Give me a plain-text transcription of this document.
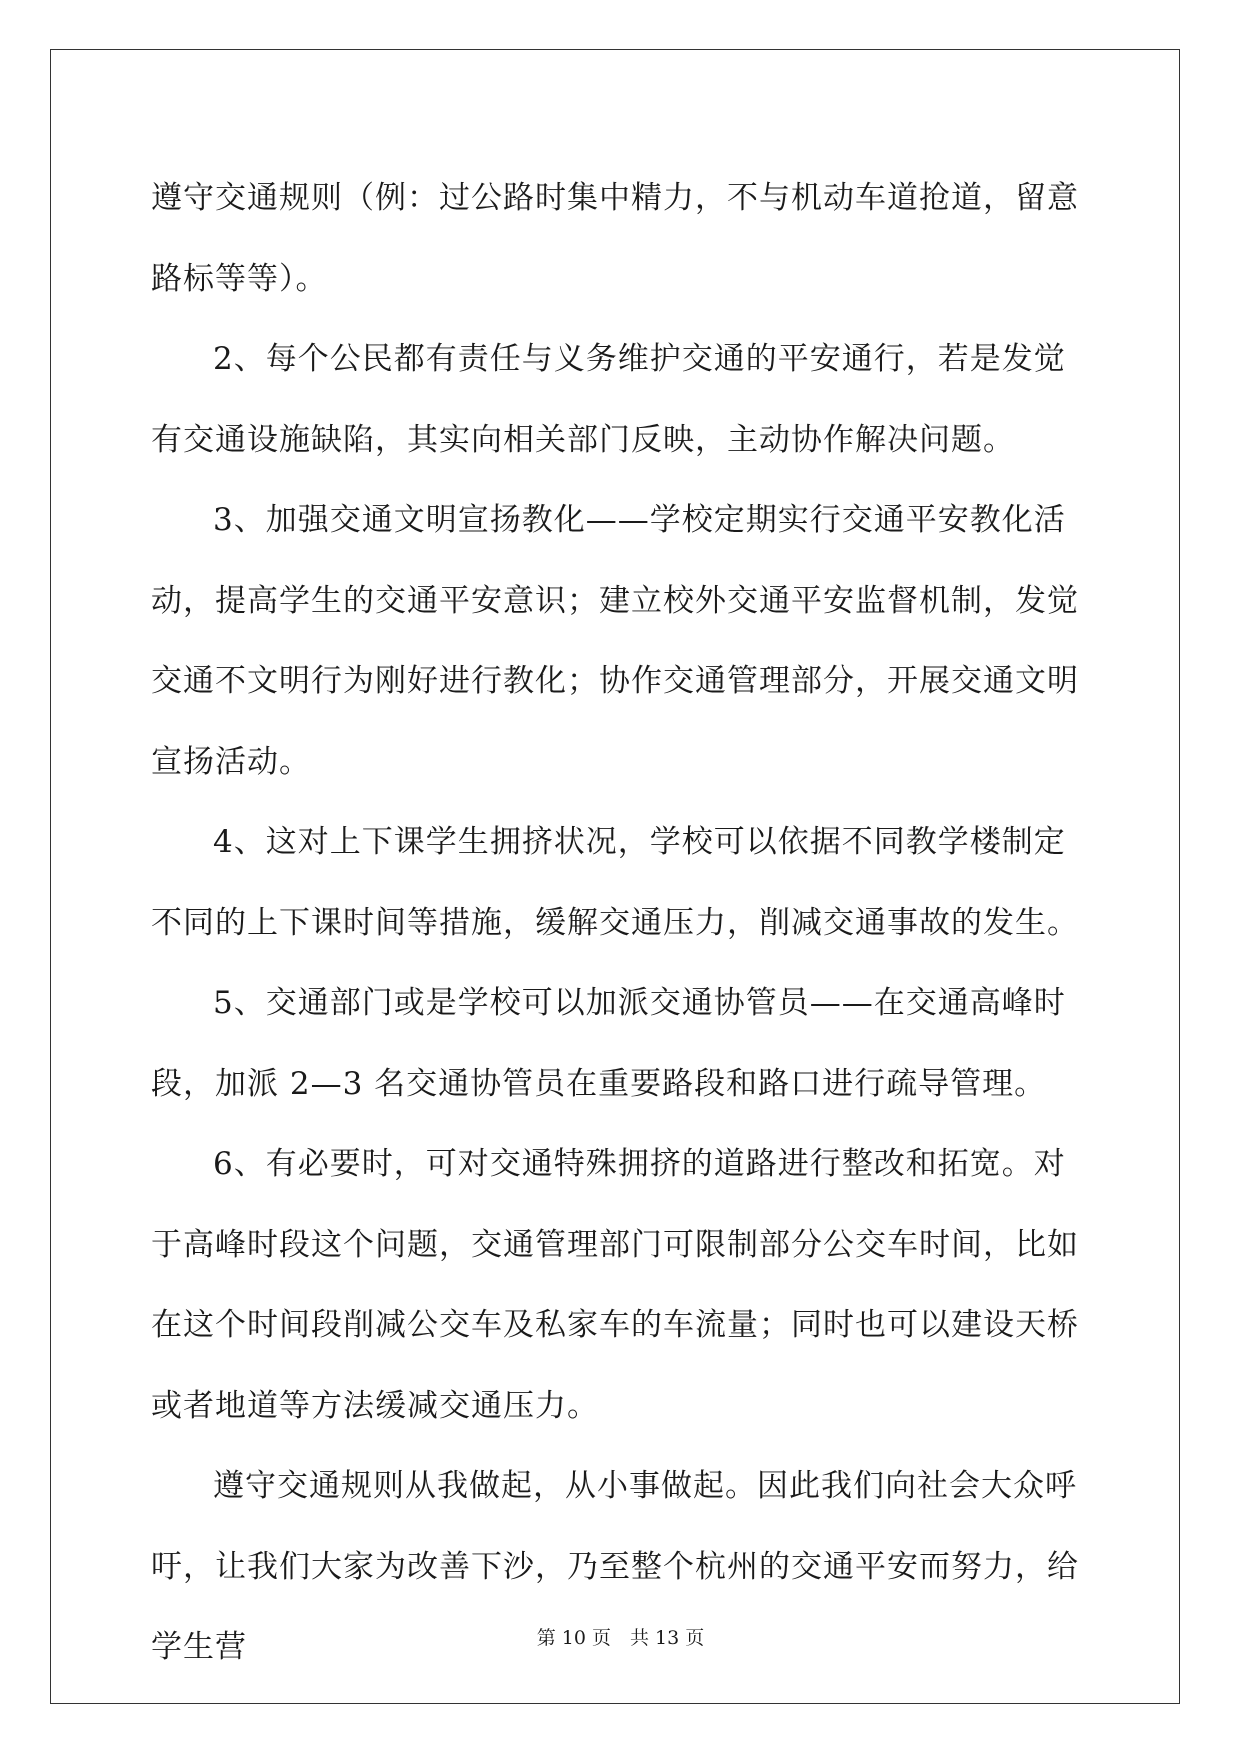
遵守交通规则（例：过公路时集中精力，不与机动车道抢道，留意路标等等）。

2、每个公民都有责任与义务维护交通的平安通行，若是发觉有交通设施缺陷，其实向相关部门反映，主动协作解决问题。

3、加强交通文明宣扬教化——学校定期实行交通平安教化活动，提高学生的交通平安意识；建立校外交通平安监督机制，发觉交通不文明行为刚好进行教化；协作交通管理部分，开展交通文明宣扬活动。

4、这对上下课学生拥挤状况，学校可以依据不同教学楼制定不同的上下课时间等措施，缓解交通压力，削减交通事故的发生。

5、交通部门或是学校可以加派交通协管员——在交通高峰时段，加派 2—3 名交通协管员在重要路段和路口进行疏导管理。

6、有必要时，可对交通特殊拥挤的道路进行整改和拓宽。对于高峰时段这个问题，交通管理部门可限制部分公交车时间，比如在这个时间段削减公交车及私家车的车流量；同时也可以建设天桥或者地道等方法缓减交通压力。

遵守交通规则从我做起，从小事做起。因此我们向社会大众呼吁，让我们大家为改善下沙，乃至整个杭州的交通平安而努力，给学生营	第 10 页　共 13 页
